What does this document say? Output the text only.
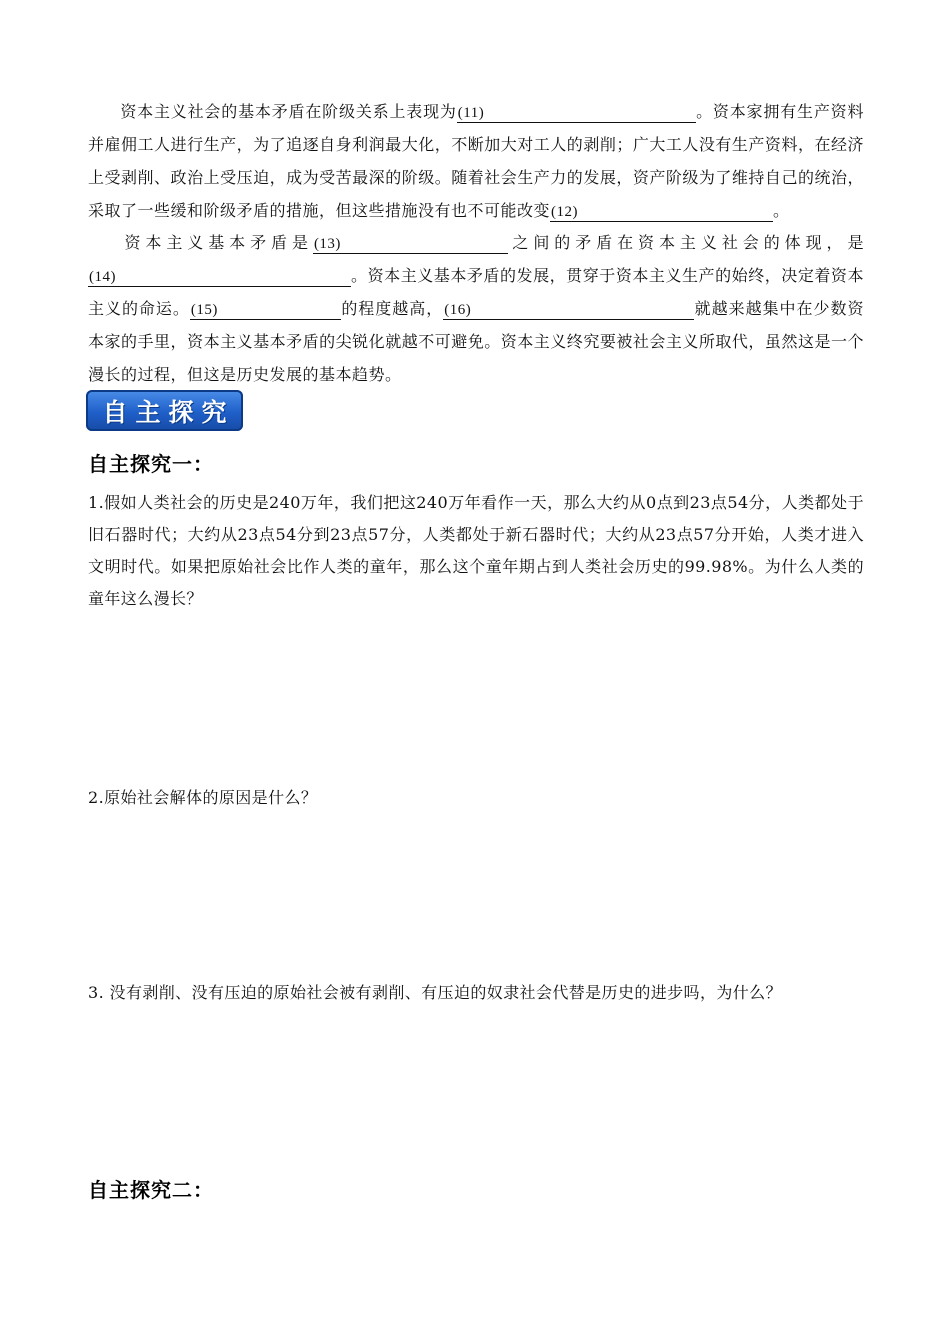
资本主义社会的基本矛盾在阶级关系上表现为(11)	。资本家拥有生产资料并雇佣工人进行生产，为了追逐自身利润最大化，不断加大对工人的剥削；广大工人没有生产资料，在经济上受剥削、政治上受压迫，成为受苦最深的阶级。随着社会生产力的发展，资产阶级为了维持自己的统治，采取了一些缓和阶级矛盾的措施，但这些措施没有也不可能改变(12)	。
资本主义基本矛盾是(13)	之间的矛盾在资本主义社会的体现，是(14)	。资本主义基本矛盾的发展，贯穿于资本主义生产的始终，决定着资本主义的命运。(15)	的程度越高，(16)	就越来越集中在少数资本家的手里，资本主义基本矛盾的尖锐化就越不可避免。资本主义终究要被社会主义所取代，虽然这是一个漫长的过程，但这是历史发展的基本趋势。
自主探究
自主探究一：
1.假如人类社会的历史是240万年，我们把这240万年看作一天，那么大约从0点到23点54分，人类都处于旧石器时代；大约从23点54分到23点57分，人类都处于新石器时代；大约从23点57分开始，人类才进入文明时代。如果把原始社会比作人类的童年，那么这个童年期占到人类社会历史的99.98%。为什么人类的童年这么漫长？
2.原始社会解体的原因是什么？
3. 没有剥削、没有压迫的原始社会被有剥削、有压迫的奴隶社会代替是历史的进步吗，为什么？
自主探究二：
